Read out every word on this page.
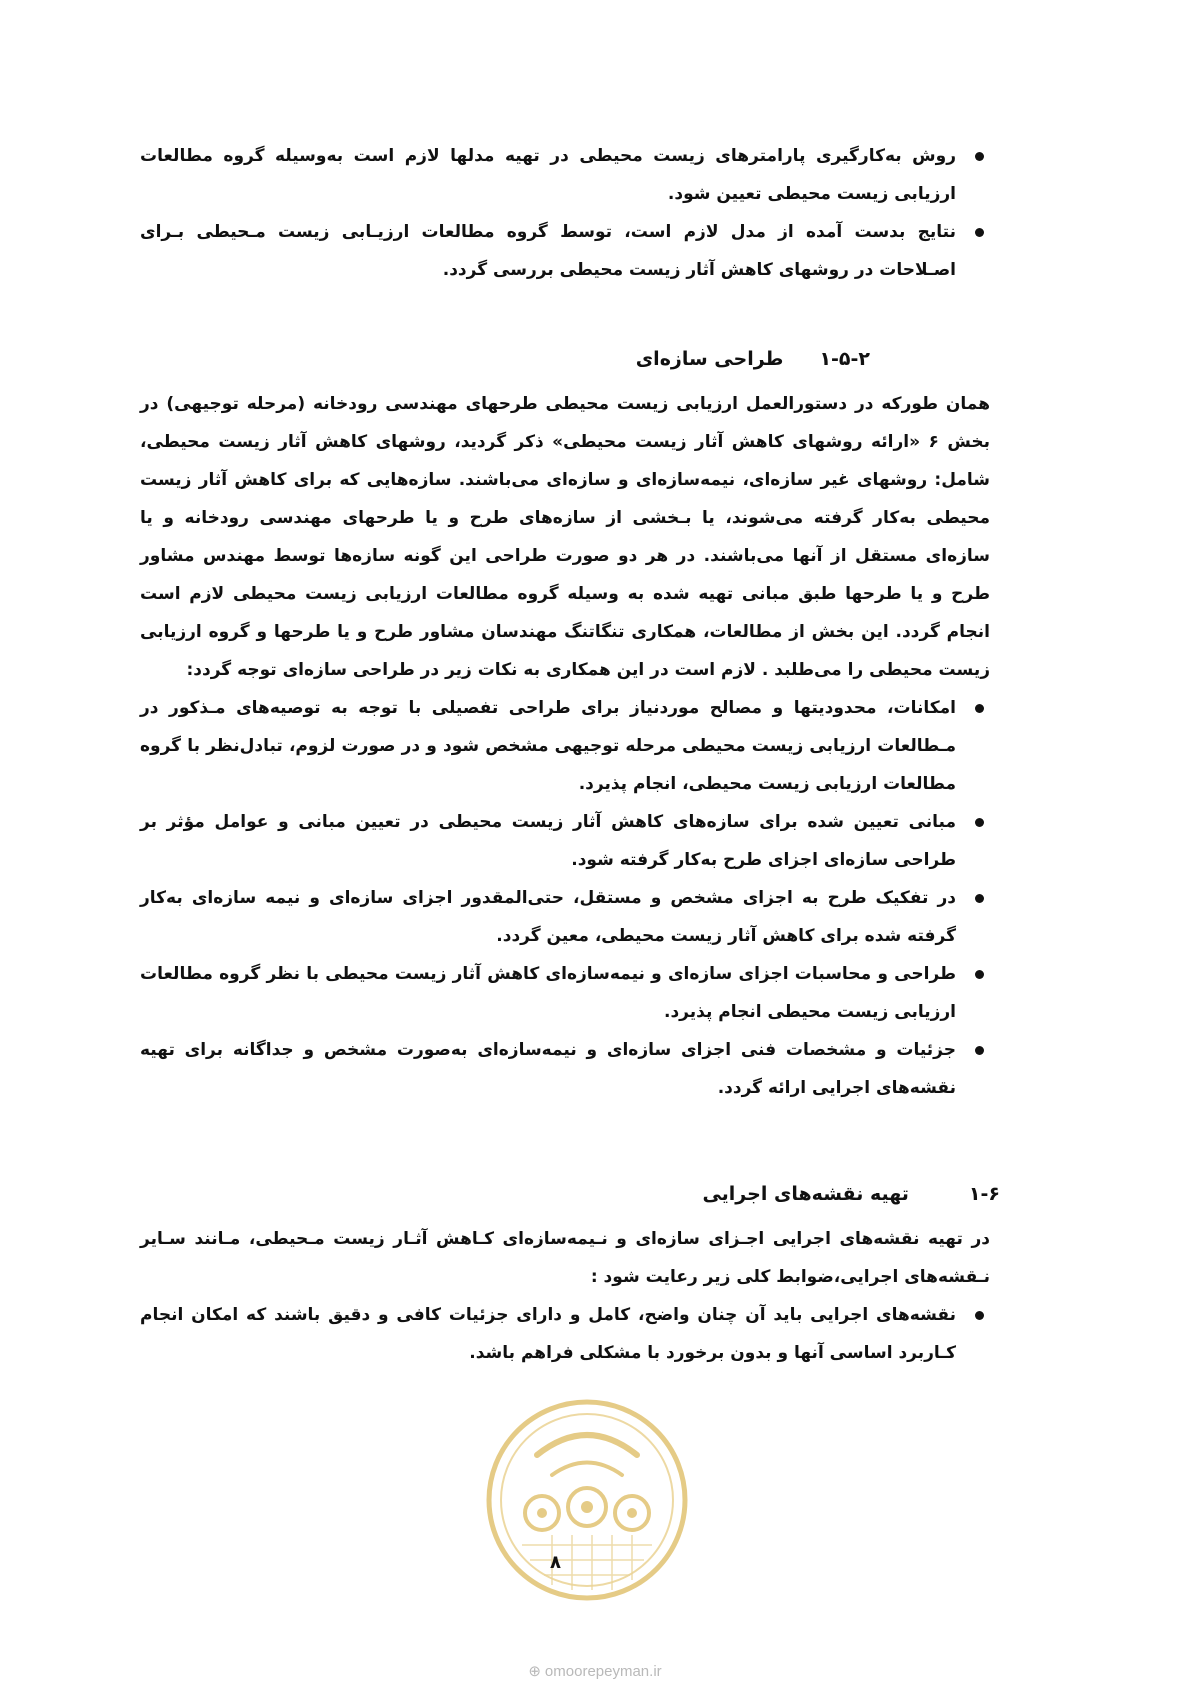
روش به‌کارگیری پارامترهای زیست محیطی در تهیه مدلها لازم است به‌وسیله گروه مطالعات ارزیابی زیست محیطی تعیین شود.
نتایج بدست آمده از مدل لازم است، توسط گروه مطالعات ارزیـابی زیست مـحیطی بـرای اصـلاحات در روشهای کاهش آثار زیست محیطی بررسی گردد.
۱-۵-۲طراحی سازه‌ای

همان طورکه در دستورالعمل ارزیابی زیست محیطی طرحهای مهندسی رودخانه (مرحله توجیهی) در بخش ۶ «ارائه روشهای کاهش آثار زیست محیطی» ذکر گردید، روشهای کاهش آثار زیست محیطی، شامل: روشهای غیر سازه‌ای، نیمه‌سازه‌ای و سازه‌ای می‌باشند. سازه‌هایی که برای کاهش آثار زیست محیطی به‌کار گرفته می‌شوند، یا بـخشی از سازه‌های طرح و یا طرحهای مهندسی رودخانه و یا سازه‌ای مستقل از آنها می‌باشند. در هر دو صورت طراحی این گونه سازه‌ها توسط مهندس مشاور طرح و یا طرحها طبق مبانی تهیه شده به وسیله گروه مطالعات ارزیابی زیست محیطی لازم است انجام گردد. این بخش از مطالعات، همکاری تنگاتنگ مهندسان مشاور طرح و یا طرحها و گروه ارزیابی زیست محیطی را می‌طلبد . لازم است در این همکاری به نکات زیر در طراحی سازه‌ای توجه گردد:

امکانات، محدودیتها و مصالح موردنیاز برای طراحی تفصیلی با توجه به توصیه‌های مـذکور در مـطالعات ارزیابی زیست محیطی مرحله توجیهی مشخص شود و در صورت لزوم، تبادل‌نظر با گروه مطالعات ارزیابی زیست محیطی، انجام پذیرد.
مبانی تعیین شده برای سازه‌های کاهش آثار زیست محیطی در تعیین مبانی و عوامل مؤثر بر طراحی سازه‌ای اجزای طرح به‌کار گرفته شود.
در تفکیک طرح به اجزای مشخص و مستقل، حتی‌المقدور اجزای سازه‌ای و نیمه سازه‌ای به‌کار گرفته شده برای کاهش آثار زیست محیطی، معین گردد.
طراحی و محاسبات اجزای سازه‌ای و نیمه‌سازه‌ای کاهش آثار زیست محیطی با نظر گروه مطالعات ارزیابی زیست محیطی انجام پذیرد.
جزئیات و مشخصات فنی اجزای سازه‌ای و نیمه‌سازه‌ای به‌صورت مشخص و جداگانه برای تهیه نقشه‌های اجرایی ارائه گردد.
۱-۶تهیه نقشه‌های اجرایی

در تهیه نقشه‌های اجرایی اجـزای سازه‌ای و نـیمه‌سازه‌ای کـاهش آثـار زیست مـحیطی، مـانند سـایر نـقشه‌های اجرایی،ضوابط کلی زیر رعایت شود :

نقشه‌های اجرایی باید آن چنان واضح، کامل و دارای جزئیات کافی و دقیق باشند که امکان انجام کـاربرد اساسی آنها و بدون برخورد با مشکلی فراهم باشد.
۸
⊕ omoorepeyman.ir
